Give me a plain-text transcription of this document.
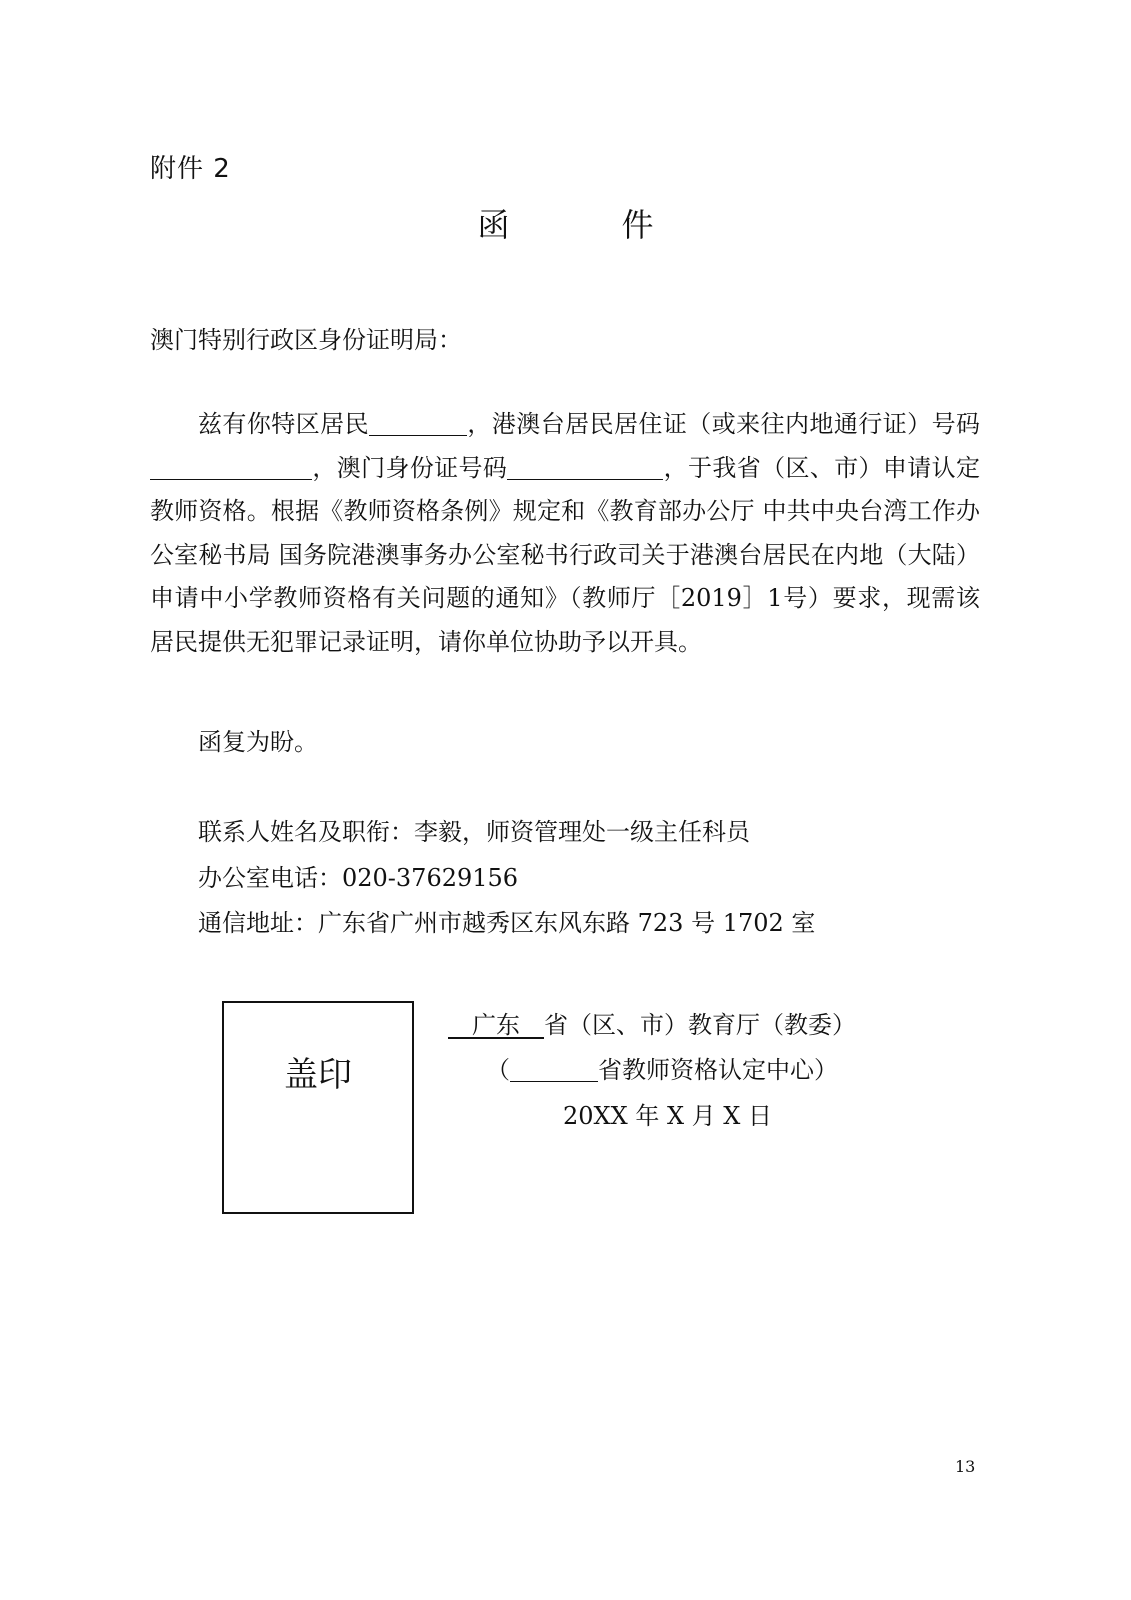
附件 2
函　件
澳门特别行政区身份证明局：

兹有你特区居民	，港澳台居民居住证（或来往内地通行证）号码，澳门身份证号码	，于我省（区、市）申请认定教师资格。根据《教师资格条例》规定和《教育部办公厅 中共中央台湾工作办公室秘书局 国务院港澳事务办公室秘书行政司关于港澳台居民在内地（大陆）申请中小学教师资格有关问题的通知》（教师厅［2019］1号）要求，现需该居民提供无犯罪记录证明，请你单位协助予以开具。

函复为盼。
联系人姓名及职衔：李毅，师资管理处一级主任科员
办公室电话：020-37629156
通信地址：广东省广州市越秀区东风东路 723 号 1702 室
盖印
　广东　 省（区、市）教育厅（教委）
（	省教师资格认定中心）
20XX 年 X 月 X 日
13
